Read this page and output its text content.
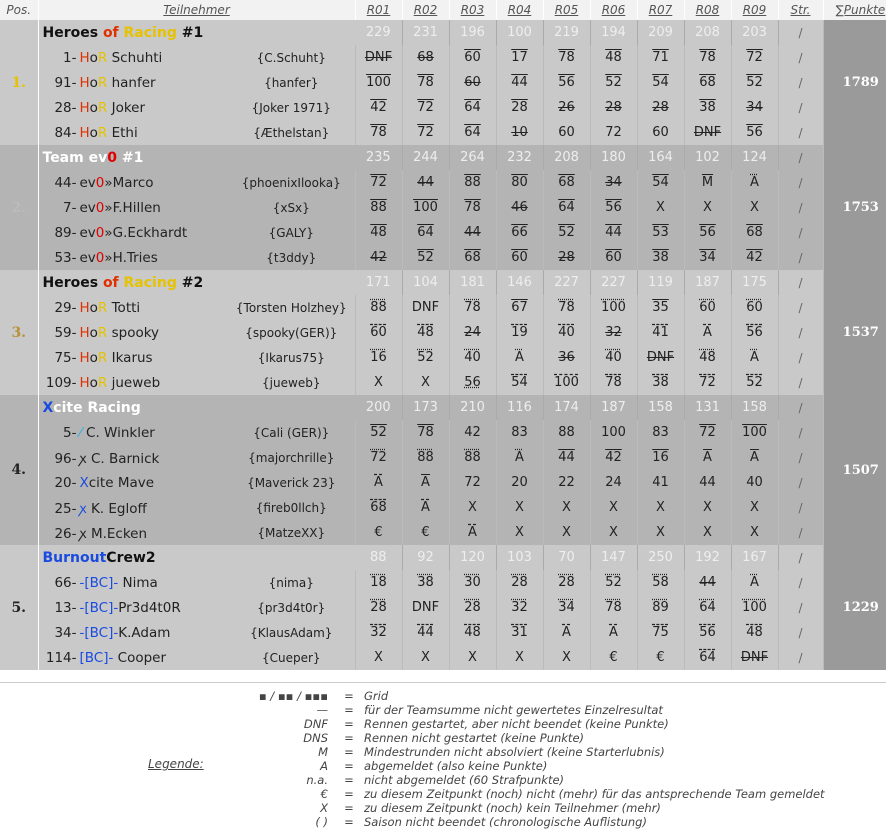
Pos.	Teilnehmer		R01	R02	R03	R04	R05	R06	R07	R08	R09	Str.	∑Punkte
1.	Heroes of Racing #1		229	231	196	100	219	194	209	208	203	/	1789
	1- HoR Schuhti	{C.Schuht}	DNF	68	60	17	78	48	71	78	72	/	
	91- HoR hanfer	{hanfer}	100	78	60	44	56	52	54	68	52	/	
	28- HoR Joker	{Joker 1971}	42	72	64	28	26	28	28	38	34	/	
	84- HoR Ethi	{Æthelstan}	78	72	64	10	60	72	60	DNF	56	/	
2.	Team ev0 #1		235	244	264	232	208	180	164	102	124	/	1753
	44- ev0»Marco	{phoenixIlooka}	72	44	88	80	68	34	54	$\overline{M}$	A	/	
	7- ev0»F.Hillen	{xSx}	88	100	78	46	64	56	X	X	X	/	
	89- ev0»G.Eckhardt	{GALY}	48	64	44	66	52	44	53	56	68	/	
	53- ev0»H.Tries	{t3ddy}	42	52	68	60	28	60	38	34	42	/	
3.	Heroes of Racing #2		171	104	181	146	227	227	119	187	175	/	1537
	29- HoR Totti	{Torsten Holzhey}	88	DNF	78	67	78	100	35	60	60	/	
	59- HoR spooky	{spooky(GER)}	60	48	24	19	40	32	41	A	56	/	
	75- HoR Ikarus	{Ikarus75}	16	52	40	A	36	40	DNF	48	A	/	
	109- HoR jueweb	{jueweb}	X	X	56	54	100	78	38	72	52	/	
4.	Xcite Racing		200	173	210	116	174	187	158	131	158	/	1507
	5- ⁄ C. Winkler	{Cali (GER)}	52	78	42	83	88	100	83	72	100	/	
	96- ꭗ C. Barnick	{majorchrille}	72	88	88	A	44	42	16	$\overline{A}$	$\overline{A}$	/	
	20- Xcite Mave	{Maverick 23}	A	$\overline{A}$	72	20	22	24	41	44	40	/	
	25- ꭗ K. Egloff	{fireb0llch}	68	A	X	X	X	X	X	X	X	/	
	26- ꭗ M.Ecken	{MatzeXX}	€	€	A	X	X	X	X	X	X	/	
5.	BurnoutCrew2		88	92	120	103	70	147	250	192	167	/	1229
	66- -[BC]- Nima	{nima}	18	38	30	28	28	52	58	44	A	/	
	13- -[BC]-Pr3d4t0R	{pr3d4t0r}	28	DNF	28	32	34	78	89	64	100	/	
	34- -[BC]-K.Adam	{KlausAdam}	32	44	48	31	A	A	75	56	48	/	
	114- [BC]- Cooper	{Cueper}	X	X	X	X	X	€	€	64	DNF	/	
Legende:
▪ / ▪▪ / ▪▪▪	=	Grid
—	=	für der Teamsumme nicht gewertetes Einzelresultat
DNF	=	Rennen gestartet, aber nicht beendet (keine Punkte)
DNS	=	Rennen nicht gestartet (keine Punkte)
M	=	Mindestrunden nicht absolviert (keine Starterlubnis)
A	=	abgemeldet (also keine Punkte)
n.a.	=	nicht abgemeldet (60 Strafpunkte)
€	=	zu diesem Zeitpunkt (noch) nicht (mehr) für das antsprechende Team gemeldet
X	=	zu diesem Zeitpunkt (noch) kein Teilnehmer (mehr)
( )	=	Saison nicht beendet (chronologische Auflistung)
